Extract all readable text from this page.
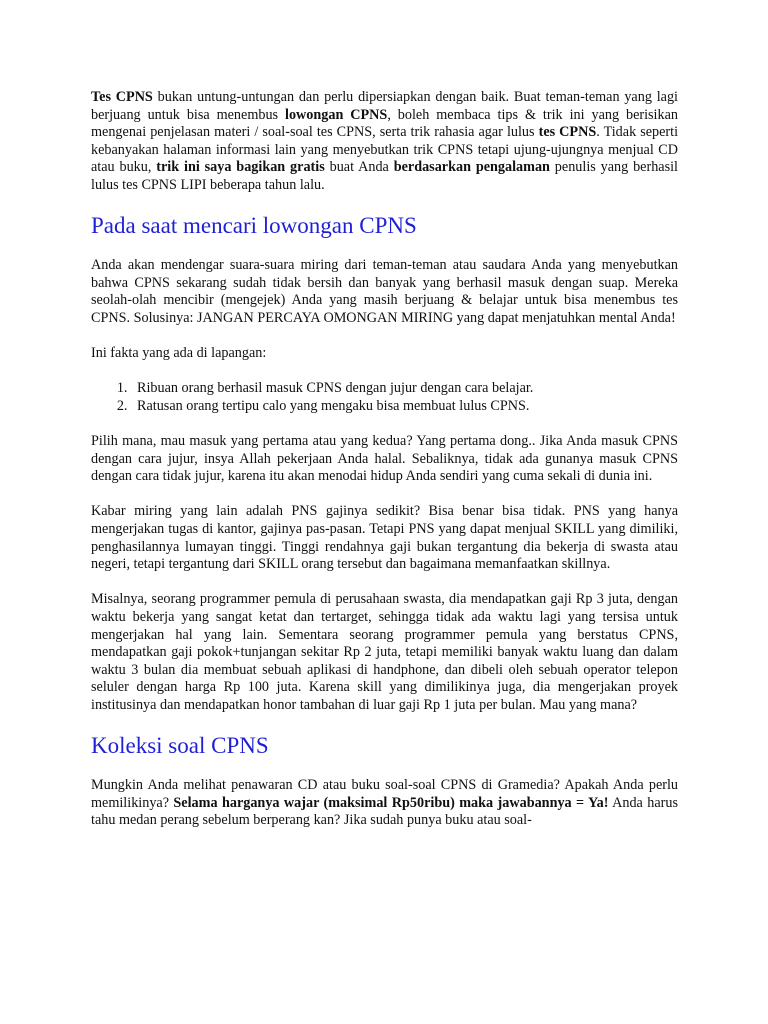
Tes CPNS bukan untung-untungan dan perlu dipersiapkan dengan baik. Buat teman-teman yang lagi berjuang untuk bisa menembus lowongan CPNS, boleh membaca tips & trik ini yang berisikan mengenai penjelasan materi / soal-soal tes CPNS, serta trik rahasia agar lulus tes CPNS. Tidak seperti kebanyakan halaman informasi lain yang menyebutkan trik CPNS tetapi ujung-ujungnya menjual CD atau buku, trik ini saya bagikan gratis buat Anda berdasarkan pengalaman penulis yang berhasil lulus tes CPNS LIPI beberapa tahun lalu.

Pada saat mencari lowongan CPNS

Anda akan mendengar suara-suara miring dari teman-teman atau saudara Anda yang menyebutkan bahwa CPNS sekarang sudah tidak bersih dan banyak yang berhasil masuk dengan suap. Mereka seolah-olah mencibir (mengejek) Anda yang masih berjuang & belajar untuk bisa menembus tes CPNS. Solusinya: JANGAN PERCAYA OMONGAN MIRING yang dapat menjatuhkan mental Anda!

Ini fakta yang ada di lapangan:

1. Ribuan orang berhasil masuk CPNS dengan jujur dengan cara belajar.
2. Ratusan orang tertipu calo yang mengaku bisa membuat lulus CPNS.

Pilih mana, mau masuk yang pertama atau yang kedua? Yang pertama dong.. Jika Anda masuk CPNS dengan cara jujur, insya Allah pekerjaan Anda halal. Sebaliknya, tidak ada gunanya masuk CPNS dengan cara tidak jujur, karena itu akan menodai hidup Anda sendiri yang cuma sekali di dunia ini.

Kabar miring yang lain adalah PNS gajinya sedikit? Bisa benar bisa tidak. PNS yang hanya mengerjakan tugas di kantor, gajinya pas-pasan. Tetapi PNS yang dapat menjual SKILL yang dimiliki, penghasilannya lumayan tinggi. Tinggi rendahnya gaji bukan tergantung dia bekerja di swasta atau negeri, tetapi tergantung dari SKILL orang tersebut dan bagaimana memanfaatkan skillnya.

Misalnya, seorang programmer pemula di perusahaan swasta, dia mendapatkan gaji Rp 3 juta, dengan waktu bekerja yang sangat ketat dan tertarget, sehingga tidak ada waktu lagi yang tersisa untuk mengerjakan hal yang lain. Sementara seorang programmer pemula yang berstatus CPNS, mendapatkan gaji pokok+tunjangan sekitar Rp 2 juta, tetapi memiliki banyak waktu luang dan dalam waktu 3 bulan dia membuat sebuah aplikasi di handphone, dan dibeli oleh sebuah operator telepon seluler dengan harga Rp 100 juta. Karena skill yang dimilikinya juga, dia mengerjakan proyek institusinya dan mendapatkan honor tambahan di luar gaji Rp 1 juta per bulan. Mau yang mana?

Koleksi soal CPNS

Mungkin Anda melihat penawaran CD atau buku soal-soal CPNS di Gramedia? Apakah Anda perlu memilikinya? Selama harganya wajar (maksimal Rp50ribu) maka jawabannya = Ya! Anda harus tahu medan perang sebelum berperang kan? Jika sudah punya buku atau soal-
